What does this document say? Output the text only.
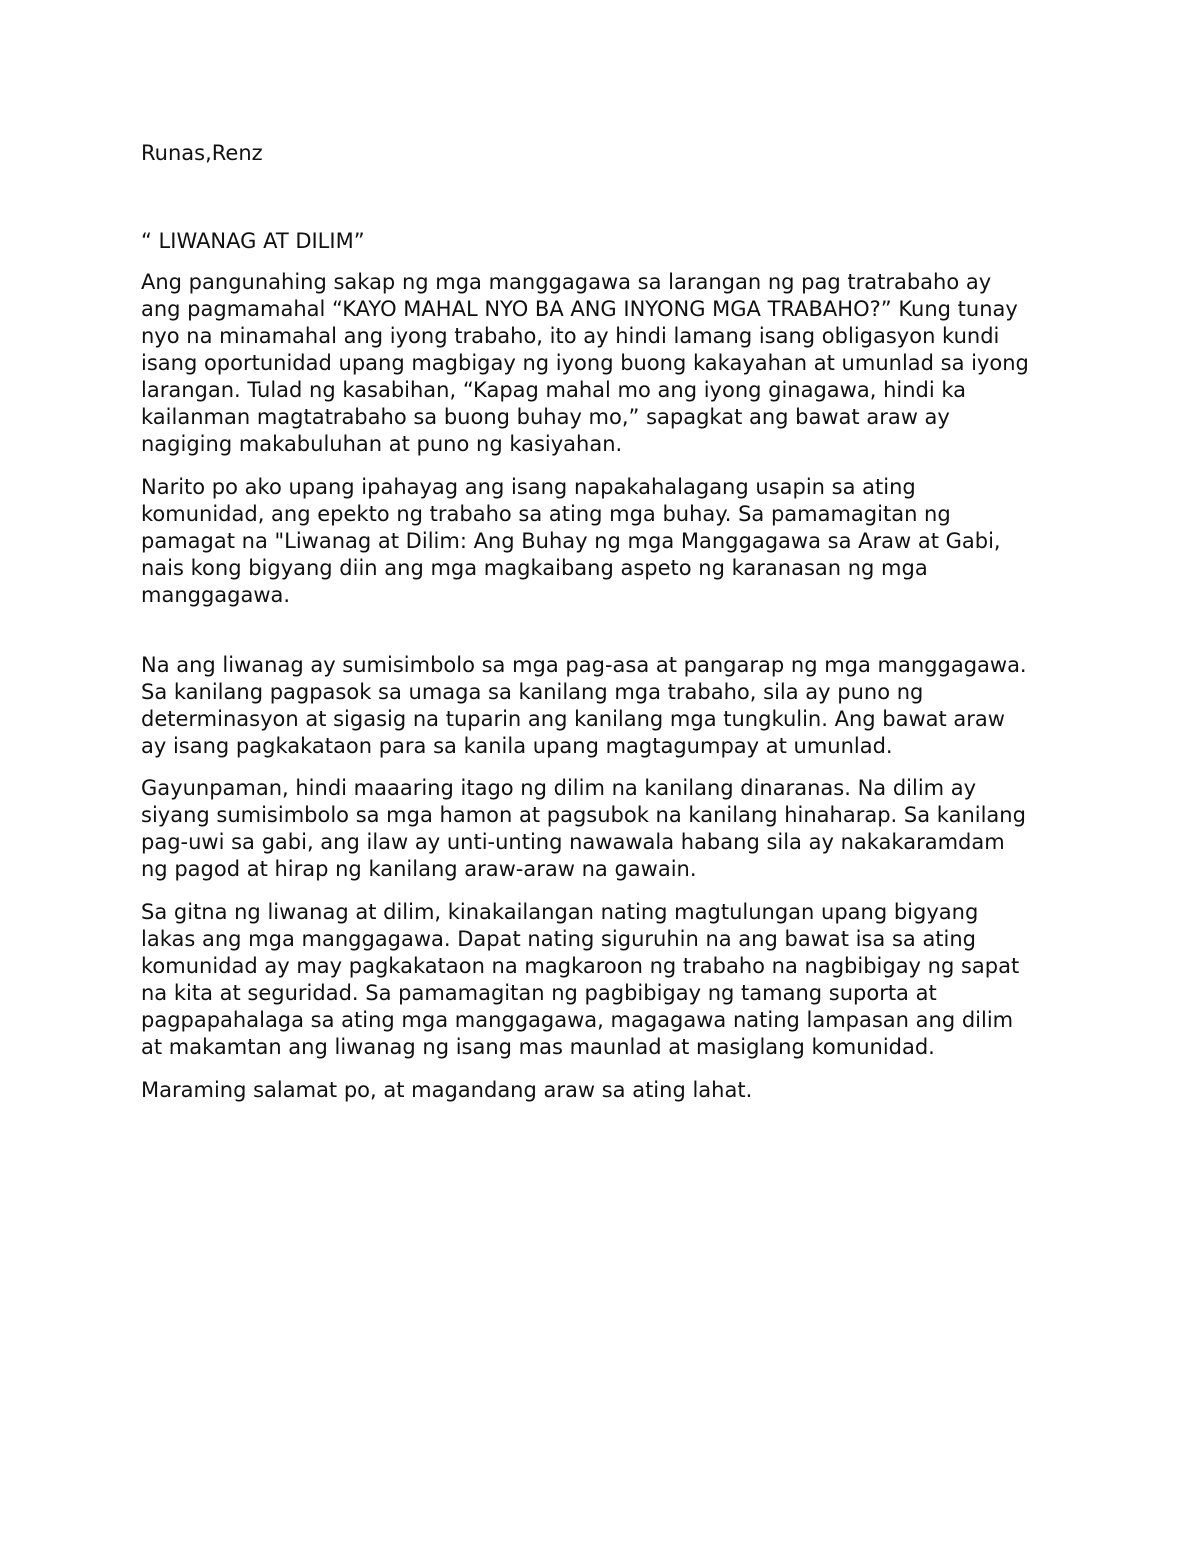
Runas,Renz

“ LIWANAG AT DILIM”

Ang pangunahing sakap ng mga manggagawa sa larangan ng pag tratrabaho ay
ang pagmamahal “KAYO MAHAL NYO BA ANG INYONG MGA TRABAHO?” Kung tunay
nyo na minamahal ang iyong trabaho, ito ay hindi lamang isang obligasyon kundi
isang oportunidad upang magbigay ng iyong buong kakayahan at umunlad sa iyong
larangan. Tulad ng kasabihan, “Kapag mahal mo ang iyong ginagawa, hindi ka
kailanman magtatrabaho sa buong buhay mo,” sapagkat ang bawat araw ay
nagiging makabuluhan at puno ng kasiyahan.
Narito po ako upang ipahayag ang isang napakahalagang usapin sa ating
komunidad, ang epekto ng trabaho sa ating mga buhay. Sa pamamagitan ng
pamagat na "Liwanag at Dilim: Ang Buhay ng mga Manggagawa sa Araw at Gabi,
nais kong bigyang diin ang mga magkaibang aspeto ng karanasan ng mga
manggagawa.
Na ang liwanag ay sumisimbolo sa mga pag-asa at pangarap ng mga manggagawa.
Sa kanilang pagpasok sa umaga sa kanilang mga trabaho, sila ay puno ng
determinasyon at sigasig na tuparin ang kanilang mga tungkulin. Ang bawat araw
ay isang pagkakataon para sa kanila upang magtagumpay at umunlad.
Gayunpaman, hindi maaaring itago ng dilim na kanilang dinaranas. Na dilim ay
siyang sumisimbolo sa mga hamon at pagsubok na kanilang hinaharap. Sa kanilang
pag-uwi sa gabi, ang ilaw ay unti-unting nawawala habang sila ay nakakaramdam
ng pagod at hirap ng kanilang araw-araw na gawain.
Sa gitna ng liwanag at dilim, kinakailangan nating magtulungan upang bigyang
lakas ang mga manggagawa. Dapat nating siguruhin na ang bawat isa sa ating
komunidad ay may pagkakataon na magkaroon ng trabaho na nagbibigay ng sapat
na kita at seguridad. Sa pamamagitan ng pagbibigay ng tamang suporta at
pagpapahalaga sa ating mga manggagawa, magagawa nating lampasan ang dilim
at makamtan ang liwanag ng isang mas maunlad at masiglang komunidad.
Maraming salamat po, at magandang araw sa ating lahat.
